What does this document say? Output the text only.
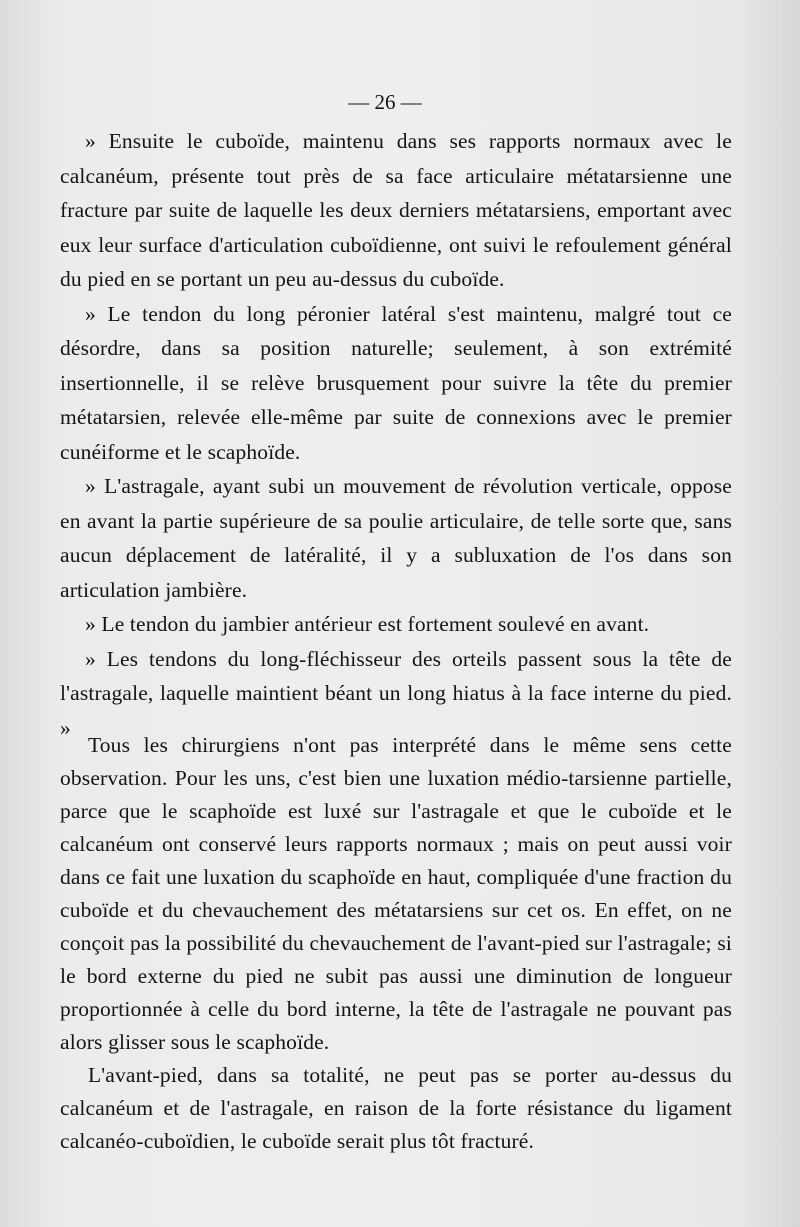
— 26 —

» Ensuite le cuboïde, maintenu dans ses rapports normaux avec le calcanéum, présente tout près de sa face articulaire métatarsienne une fracture par suite de laquelle les deux derniers métatarsiens, emportant avec eux leur surface d'articulation cuboïdienne, ont suivi le refoulement général du pied en se portant un peu au-dessus du cuboïde.

» Le tendon du long péronier latéral s'est maintenu, malgré tout ce désordre, dans sa position naturelle; seulement, à son extrémité insertionnelle, il se relève brusquement pour suivre la tête du premier métatarsien, relevée elle-même par suite de connexions avec le premier cunéiforme et le scaphoïde.

» L'astragale, ayant subi un mouvement de révolution verticale, oppose en avant la partie supérieure de sa poulie articulaire, de telle sorte que, sans aucun déplacement de latéralité, il y a subluxation de l'os dans son articulation jambière.

» Le tendon du jambier antérieur est fortement soulevé en avant.

» Les tendons du long-fléchisseur des orteils passent sous la tête de l'astragale, laquelle maintient béant un long hiatus à la face interne du pied. »

Tous les chirurgiens n'ont pas interprété dans le même sens cette observation. Pour les uns, c'est bien une luxation médio-tarsienne partielle, parce que le scaphoïde est luxé sur l'astragale et que le cuboïde et le calcanéum ont conservé leurs rapports normaux ; mais on peut aussi voir dans ce fait une luxation du scaphoïde en haut, compliquée d'une fraction du cuboïde et du chevauchement des métatarsiens sur cet os. En effet, on ne conçoit pas la possibilité du chevauchement de l'avant-pied sur l'astragale; si le bord externe du pied ne subit pas aussi une diminution de longueur proportionnée à celle du bord interne, la tête de l'astragale ne pouvant pas alors glisser sous le scaphoïde.

L'avant-pied, dans sa totalité, ne peut pas se porter au-dessus du calcanéum et de l'astragale, en raison de la forte résistance du ligament calcanéo-cuboïdien, le cuboïde serait plus tôt fracturé.
